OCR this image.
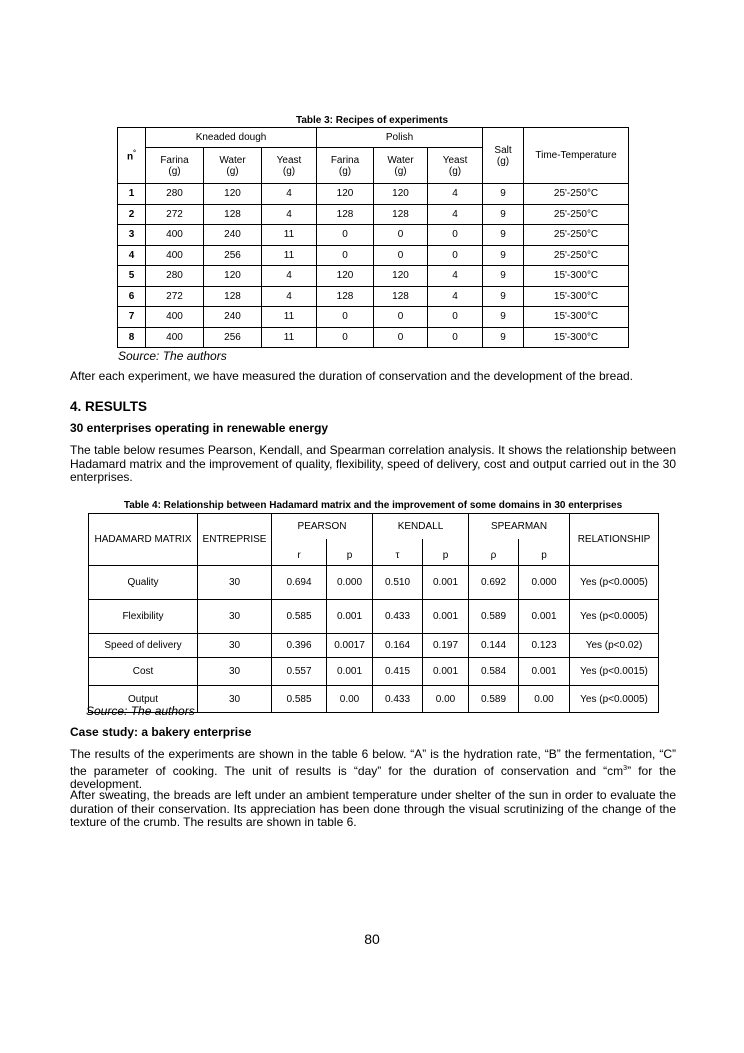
Table 3: Recipes of experiments
n°	Kneaded dough			Polish			Salt (g)	Time-Temperature
	Farina (g)	Water (g)	Yeast (g)	Farina (g)	Water (g)	Yeast (g)		
1	280	120	4	120	120	4	9	25'-250°C
2	272	128	4	128	128	4	9	25'-250°C
3	400	240	11	0	0	0	9	25'-250°C
4	400	256	11	0	0	0	9	25'-250°C
5	280	120	4	120	120	4	9	15'-300°C
6	272	128	4	128	128	4	9	15'-300°C
7	400	240	11	0	0	0	9	15'-300°C
8	400	256	11	0	0	0	9	15'-300°C
Source: The authors
After each experiment, we have measured the duration of conservation and the development of the bread.
4. RESULTS
30 enterprises operating in renewable energy
The table below resumes Pearson, Kendall, and Spearman correlation analysis. It shows the relationship between Hadamard matrix and the improvement of quality, flexibility, speed of delivery, cost and output carried out in the 30 enterprises.
Table 4: Relationship between Hadamard matrix and the improvement of some domains in 30 enterprises
HADAMARD MATRIX	ENTREPRISE	PEARSON		KENDALL		SPEARMAN		RELATIONSHIP
		r	p	τ	p	ρ	p	
Quality	30	0.694	0.000	0.510	0.001	0.692	0.000	Yes (p<0.0005)
Flexibility	30	0.585	0.001	0.433	0.001	0.589	0.001	Yes (p<0.0005)
Speed of delivery	30	0.396	0.0017	0.164	0.197	0.144	0.123	Yes (p<0.02)
Cost	30	0.557	0.001	0.415	0.001	0.584	0.001	Yes (p<0.0015)
Output	30	0.585	0.00	0.433	0.00	0.589	0.00	Yes (p<0.0005)
Source: The authors
Case study: a bakery enterprise
The results of the experiments are shown in the table 6 below. “A” is the hydration rate, “B” the fermentation, “C” the parameter of cooking. The unit of results is “day” for the duration of conservation and “$cm^3$” for the development.
After sweating, the breads are left under an ambient temperature under shelter of the sun in order to evaluate the duration of their conservation. Its appreciation has been done through the visual scrutinizing of the change of the texture of the crumb. The results are shown in table 6.
80
